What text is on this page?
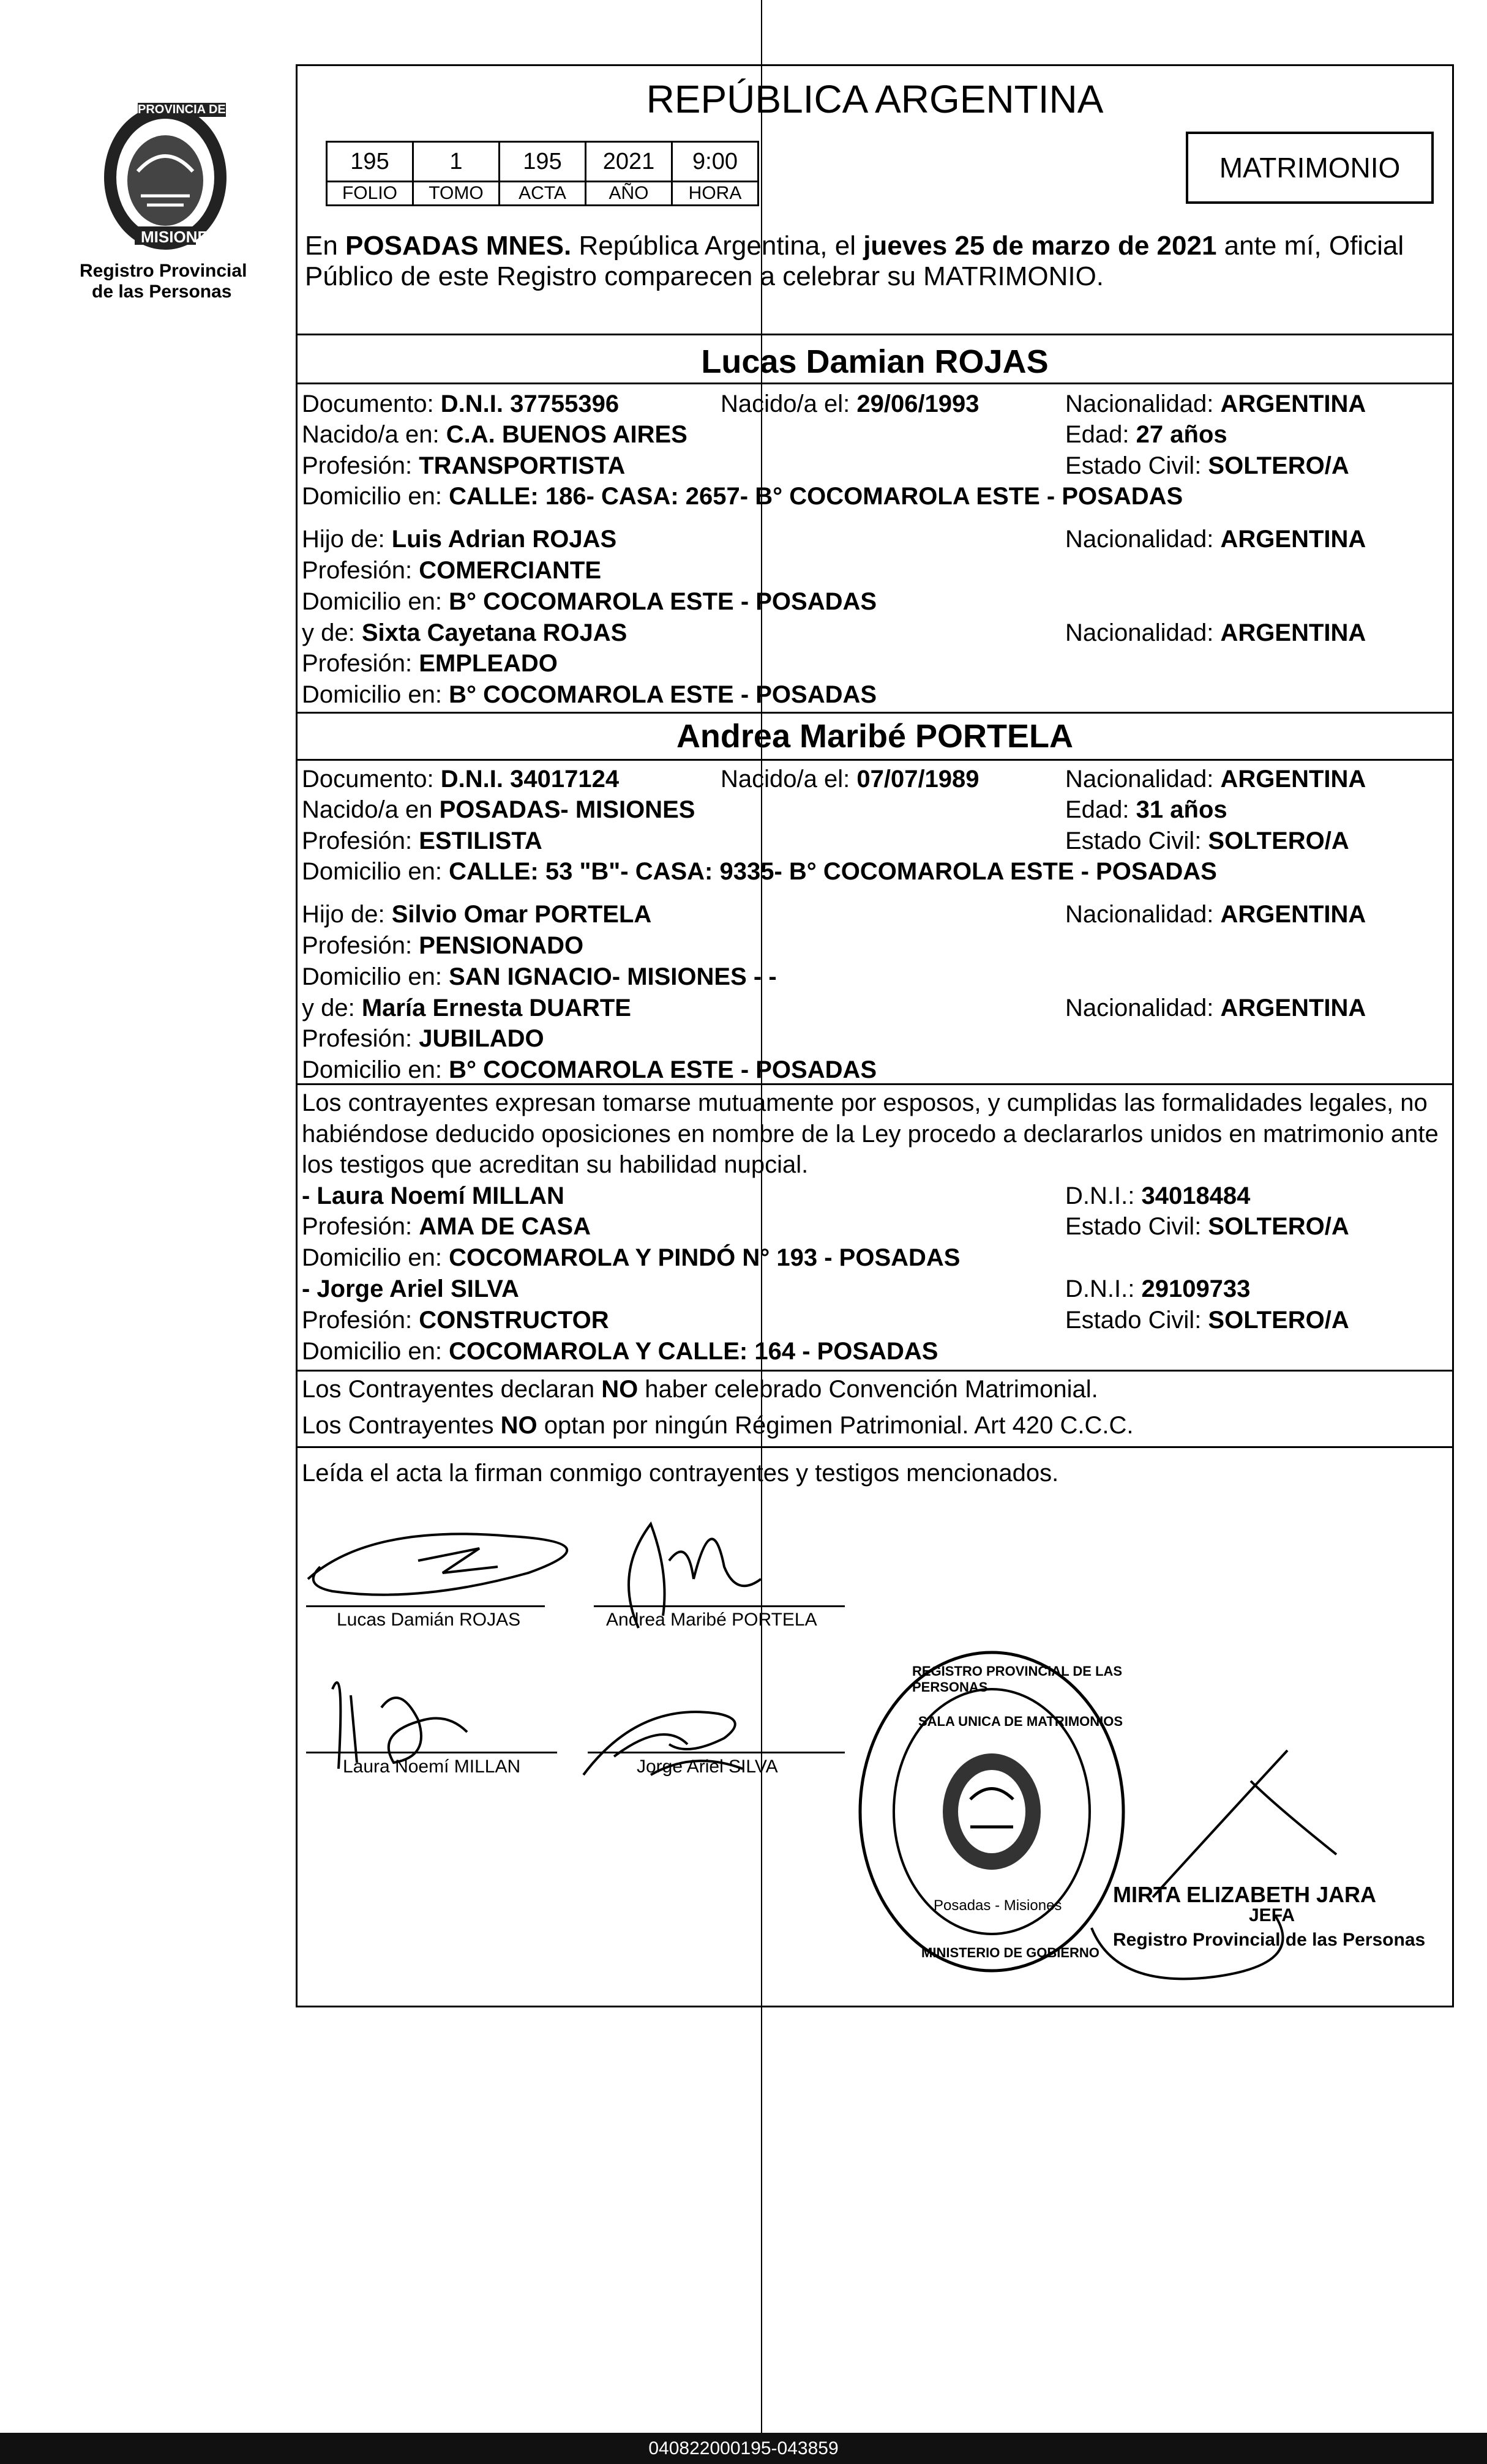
PROVINCIA DE
MISIONES
Registro Provincial
de las Personas
REPÚBLICA ARGENTINA
195	1	195	2021	9:00
FOLIO	TOMO	ACTA	AÑO	HORA
MATRIMONIO
En POSADAS MNES. República Argentina, el jueves 25 de marzo de 2021 ante mí, Oficial
Público de este Registro comparecen a celebrar su MATRIMONIO.
Lucas Damian ROJAS
Documento: D.N.I. 37755396	Nacido/a el: 29/06/1993	Nacionalidad: ARGENTINA
Nacido/a en: C.A. BUENOS AIRES	Edad: 27 años
Profesión: TRANSPORTISTA	Estado Civil: SOLTERO/A
Domicilio en: CALLE: 186- CASA: 2657- B° COCOMAROLA ESTE - POSADAS
Hijo de: Luis Adrian ROJAS	Nacionalidad: ARGENTINA
Profesión: COMERCIANTE
Domicilio en: B° COCOMAROLA ESTE - POSADAS
y de: Sixta Cayetana ROJAS	Nacionalidad: ARGENTINA
Profesión: EMPLEADO
Domicilio en: B° COCOMAROLA ESTE - POSADAS
Andrea Maribé PORTELA
Documento: D.N.I. 34017124	Nacido/a el: 07/07/1989	Nacionalidad: ARGENTINA
Nacido/a en POSADAS- MISIONES	Edad: 31 años
Profesión: ESTILISTA	Estado Civil: SOLTERO/A
Domicilio en: CALLE: 53 "B"- CASA: 9335- B° COCOMAROLA ESTE - POSADAS
Hijo de: Silvio Omar PORTELA	Nacionalidad: ARGENTINA
Profesión: PENSIONADO
Domicilio en: SAN IGNACIO- MISIONES - -
y de: María Ernesta DUARTE	Nacionalidad: ARGENTINA
Profesión: JUBILADO
Domicilio en: B° COCOMAROLA ESTE - POSADAS
Los contrayentes expresan tomarse mutuamente por esposos, y cumplidas las formalidades legales, no
habiéndose deducido oposiciones en nombre de la Ley procedo a declararlos unidos en matrimonio ante
los testigos que acreditan su habilidad nupcial.
- Laura Noemí MILLAN	D.N.I.: 34018484
Profesión: AMA DE CASA	Estado Civil: SOLTERO/A
Domicilio en: COCOMAROLA Y PINDÓ N° 193 - POSADAS
- Jorge Ariel SILVA	D.N.I.: 29109733
Profesión: CONSTRUCTOR	Estado Civil: SOLTERO/A
Domicilio en: COCOMAROLA Y CALLE: 164 - POSADAS
Los Contrayentes declaran NO haber celebrado Convención Matrimonial.
Los Contrayentes NO optan por ningún Régimen Patrimonial. Art 420 C.C.C.
Leída el acta la firman conmigo contrayentes y testigos mencionados.
Lucas Damián ROJAS	Andrea Maribé PORTELA
Laura Noemí MILLAN	Jorge Ariel SILVA
REGISTRO PROVINCIAL DE LAS PERSONAS
SALA UNICA DE MATRIMONIOS
Posadas - Misiones
MINISTERIO DE GOBIERNO
MIRTA ELIZABETH JARA
JEFA
Registro Provincial de las Personas
040822000195-043859
